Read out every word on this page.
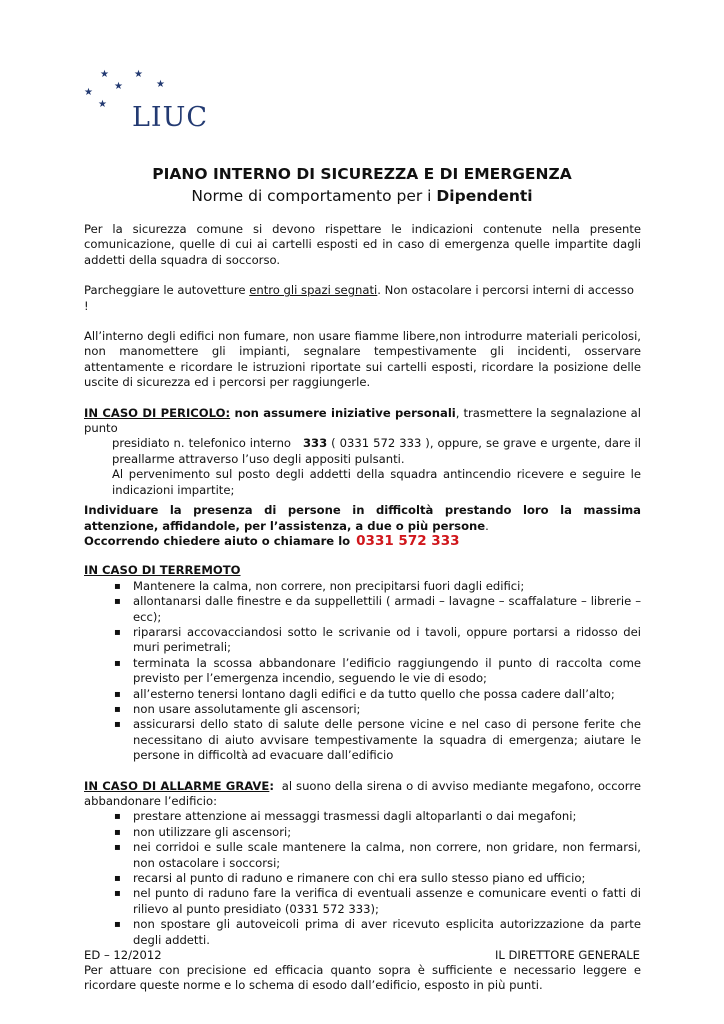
★	★
★
★
★
★ LIUC
PIANO INTERNO DI SICUREZZA E DI EMERGENZA
Norme di comportamento per i Dipendenti

Per la sicurezza comune si devono rispettare le indicazioni contenute nella presente comunicazione, quelle di cui ai cartelli esposti ed in caso di emergenza quelle impartite dagli addetti della squadra di soccorso.

Parcheggiare le autovetture entro gli spazi segnati. Non ostacolare i percorsi interni di accesso !

All’interno degli edifici non fumare, non usare fiamme libere,non introdurre materiali pericolosi, non manomettere gli impianti, segnalare tempestivamente gli incidenti, osservare attentamente e ricordare le istruzioni riportate sui cartelli esposti, ricordare la posizione delle uscite di sicurezza ed i percorsi per raggiungerle.

IN CASO DI PERICOLO: non assumere iniziative personali, trasmettere la segnalazione al punto

presidiato n. telefonico interno 333 ( 0331 572 333 ), oppure, se grave e urgente, dare il preallarme attraverso l’uso degli appositi pulsanti.

Al pervenimento sul posto degli addetti della squadra antincendio ricevere e seguire le indicazioni impartite;

Individuare la presenza di persone in difficoltà prestando loro la massima attenzione, affidandole, per l’assistenza, a due o più persone.

Occorrendo chiedere aiuto o chiamare lo 0331 572 333

IN CASO DI TERREMOTO

▪ Mantenere la calma, non correre, non precipitarsi fuori dagli edifici;
▪ allontanarsi dalle finestre e da suppellettili ( armadi – lavagne – scaffalature – librerie – ecc);
▪ ripararsi accovacciandosi sotto le scrivanie od i tavoli, oppure portarsi a ridosso dei muri perimetrali;
▪ terminata la scossa abbandonare l’edificio raggiungendo il punto di raccolta come previsto per l’emergenza incendio, seguendo le vie di esodo;
▪ all’esterno tenersi lontano dagli edifici e da tutto quello che possa cadere dall’alto;
▪ non usare assolutamente gli ascensori;
▪ assicurarsi dello stato di salute delle persone vicine e nel caso di persone ferite che necessitano di aiuto avvisare tempestivamente la squadra di emergenza; aiutare le persone in difficoltà ad evacuare dall’edificio

IN CASO DI ALLARME GRAVE: al suono della sirena o di avviso mediante megafono, occorre abbandonare l’edificio:

▪ prestare attenzione ai messaggi trasmessi dagli altoparlanti o dai megafoni;
▪ non utilizzare gli ascensori;
▪ nei corridoi e sulle scale mantenere la calma, non correre, non gridare, non fermarsi, non ostacolare i soccorsi;
▪ recarsi al punto di raduno e rimanere con chi era sullo stesso piano ed ufficio;
▪ nel punto di raduno fare la verifica di eventuali assenze e comunicare eventi o fatti di rilievo al punto presidiato (0331 572 333);
▪ non spostare gli autoveicoli prima di aver ricevuto esplicita autorizzazione da parte degli addetti.

Per attuare con precisione ed efficacia quanto sopra è sufficiente e necessario leggere e ricordare queste norme e lo schema di esodo dall’edificio, esposto in più punti.

ED – 12/2012	IL DIRETTORE GENERALE
